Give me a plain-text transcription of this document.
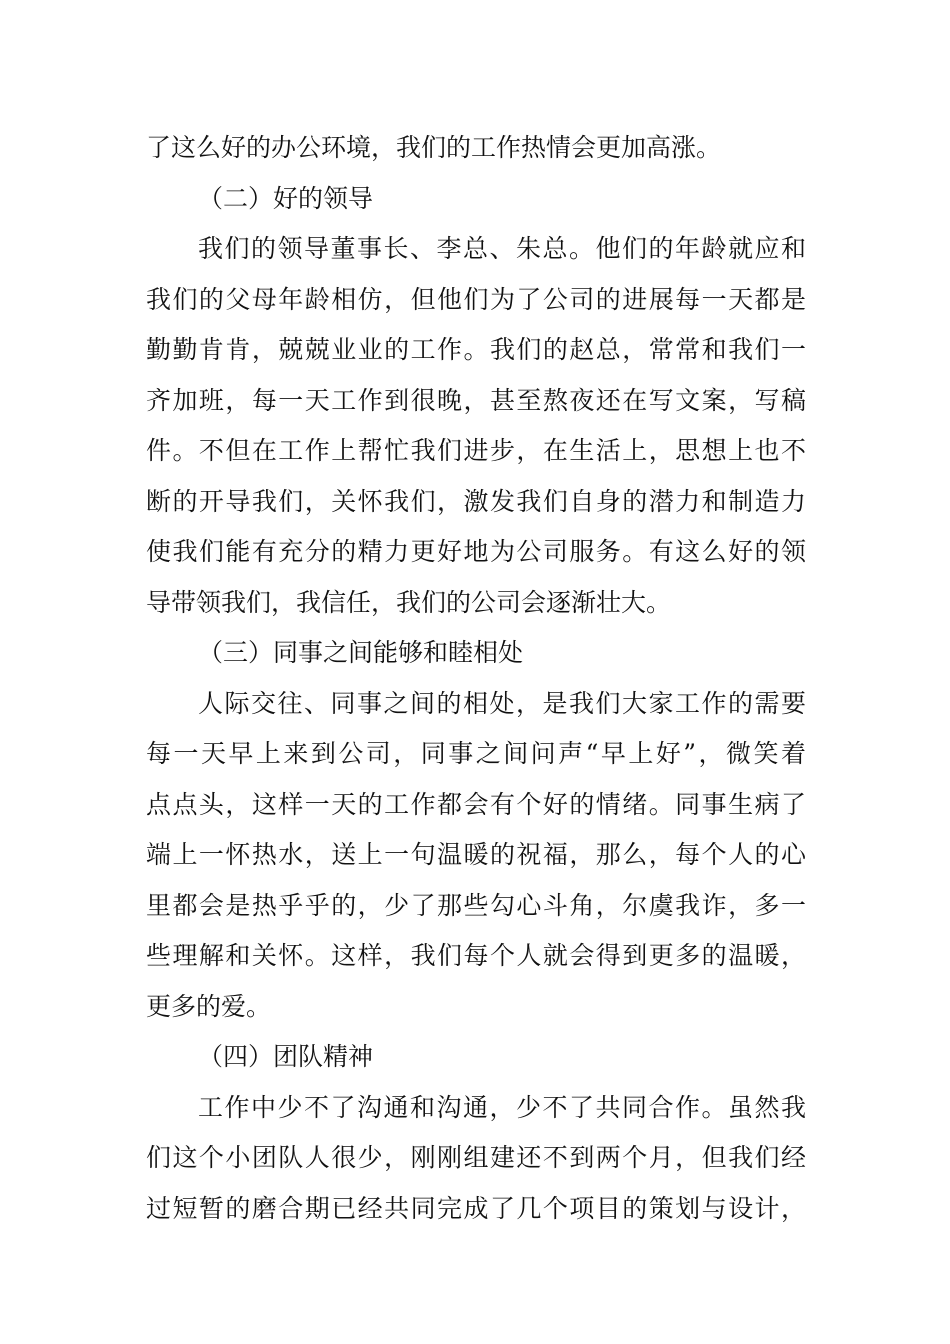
了这么好的办公环境，我们的工作热情会更加高涨。
（二）好的领导
我们的领导董事长、李总、朱总。他们的年龄就应和
我们的父母年龄相仿，但他们为了公司的进展每一天都是
勤勤肯肯，兢兢业业的工作。我们的赵总，常常和我们一
齐加班，每一天工作到很晚，甚至熬夜还在写文案，写稿
件。不但在工作上帮忙我们进步，在生活上，思想上也不
断的开导我们，关怀我们，激发我们自身的潜力和制造力
使我们能有充分的精力更好地为公司服务。有这么好的领
导带领我们，我信任，我们的公司会逐渐壮大。
（三）同事之间能够和睦相处
人际交往、同事之间的相处，是我们大家工作的需要
每一天早上来到公司，同事之间问声“早上好”，微笑着
点点头，这样一天的工作都会有个好的情绪。同事生病了
端上一怀热水，送上一句温暖的祝福，那么，每个人的心
里都会是热乎乎的，少了那些勾心斗角，尔虞我诈，多一
些理解和关怀。这样，我们每个人就会得到更多的温暖，
更多的爱。
（四）团队精神
工作中少不了沟通和沟通，少不了共同合作。虽然我
们这个小团队人很少，刚刚组建还不到两个月，但我们经
过短暂的磨合期已经共同完成了几个项目的策划与设计，
